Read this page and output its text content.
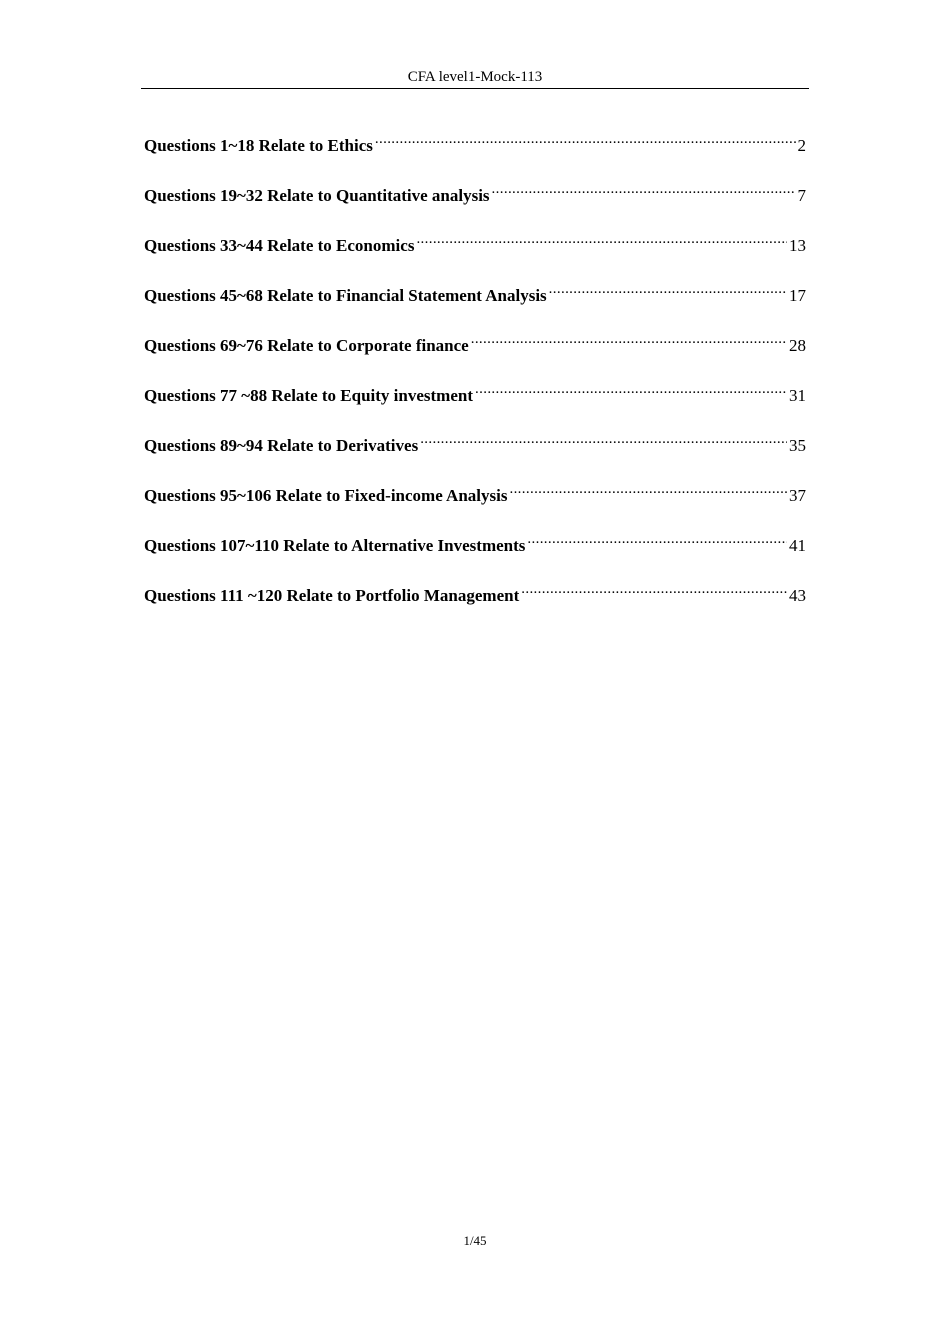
CFA level1-Mock-113
Questions 1~18 Relate to Ethics .....	2
Questions 19~32 Relate to Quantitative analysis .....	7
Questions 33~44 Relate to Economics .....	13
Questions 45~68 Relate to Financial Statement Analysis .....	17
Questions 69~76 Relate to Corporate finance .....	28
Questions 77 ~88 Relate to Equity investment .....	31
Questions 89~94 Relate to Derivatives .....	35
Questions 95~106 Relate to Fixed-income Analysis .....	37
Questions 107~110 Relate to Alternative Investments .....	41
Questions 111 ~120 Relate to Portfolio Management .....	43
1/45
